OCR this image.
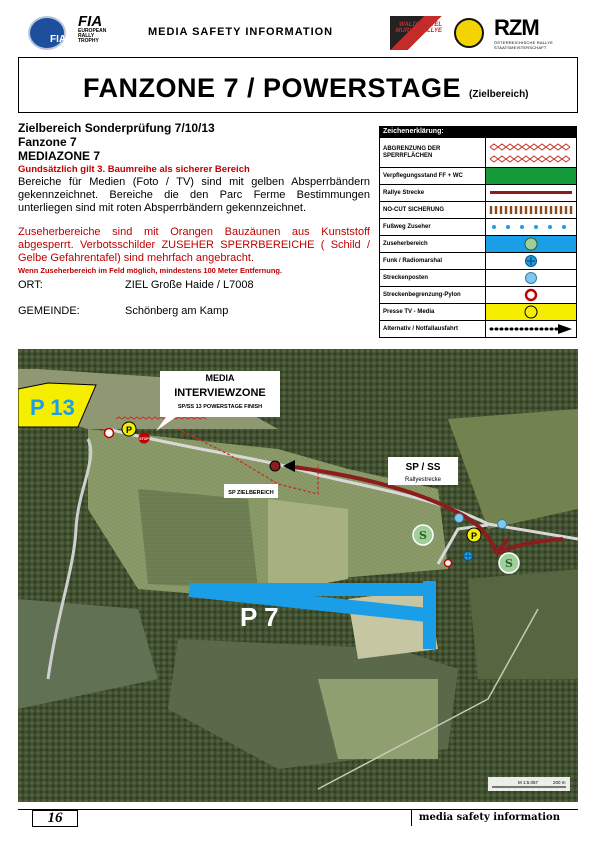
FIA
FIA
EUROPEAN RALLY TROPHY
MEDIA SAFETY INFORMATION
WALDVIERTEL MURYA RALLYE RZM
ÖSTERREICHISCHE RALLYE STAATSMEISTERSCHAFT
FANZONE 7 / POWERSTAGE (Zielbereich)
Zielbereich Sonderprüfung 7/10/13
Fanzone 7
MEDIAZONE 7
Gundsätzlich gilt 3. Baumreihe als sicherer Bereich
Bereiche für Medien (Foto / TV) sind mit gelben Absperrbändern gekennzeichnet. Bereiche die den Parc Ferme Bestimmungen unterliegen sind mit roten Absperrbändern gekennzeichnet.
Zuseherbereiche sind mit Orangen Bauzäunen aus Kunststoff abgesperrt. Verbotsschilder ZUSEHER SPERRBEREICHE ( Schild / Gelbe Gefahrentafel) sind mehrfach angebracht.
Wenn Zuseherbereich im Feld möglich, mindestens 100 Meter Entfernung.
ORT:	ZIEL Große Haide / L7008
GEMEINDE:	Schönberg am Kamp
Zeichenerklärung:
ABGRENZUNG DER SPERRFLÄCHEN
Verpflegungsstand FF + WC
Rallye Strecke
NO-CUT SICHERUNG
Fußweg Zuseher
Zuseherbereich
Funk / Radiomarshal
Streckenposten
Streckenbegrenzung-Pylon
Presse TV - Media
Alternativ / Notfallausfahrt
P
STOP
P 13
MEDIA
INTERVIEWZONE
SP/SS 13 POWERSTAGE FINISH
SP / SS
Rallyestrecke
SP ZIELBEREICH
P 7
S
S
P
M 1:5.057	200 m
16	media safety information
